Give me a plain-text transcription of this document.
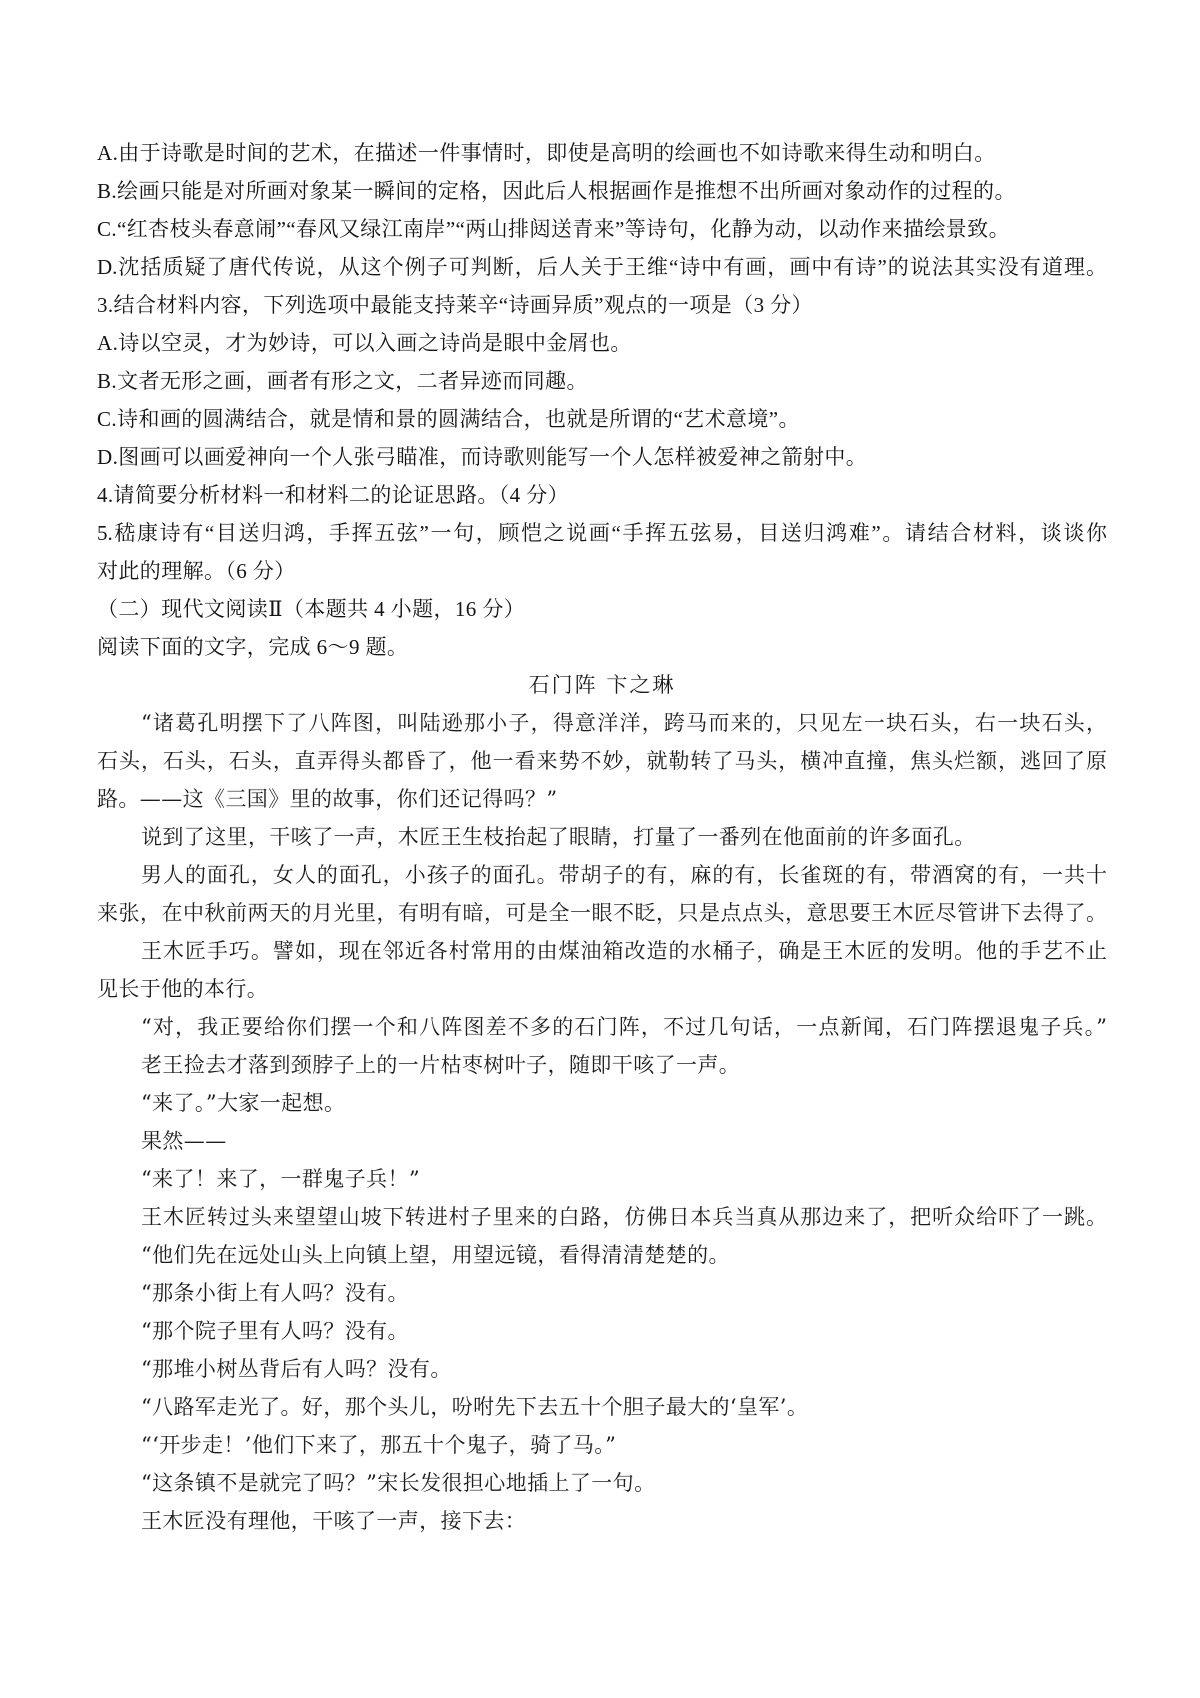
A.由于诗歌是时间的艺术，在描述一件事情时，即使是高明的绘画也不如诗歌来得生动和明白。
B.绘画只能是对所画对象某一瞬间的定格，因此后人根据画作是推想不出所画对象动作的过程的。
C.“红杏枝头春意闹”“春风又绿江南岸”“两山排闼送青来”等诗句，化静为动，以动作来描绘景致。
D.沈括质疑了唐代传说，从这个例子可判断，后人关于王维“诗中有画，画中有诗”的说法其实没有道理。
3.结合材料内容，下列选项中最能支持莱辛“诗画异质”观点的一项是（3 分）
A.诗以空灵，才为妙诗，可以入画之诗尚是眼中金屑也。
B.文者无形之画，画者有形之文，二者异迹而同趣。
C.诗和画的圆满结合，就是情和景的圆满结合，也就是所谓的“艺术意境”。
D.图画可以画爱神向一个人张弓瞄准，而诗歌则能写一个人怎样被爱神之箭射中。
4.请简要分析材料一和材料二的论证思路。（4 分）
5.嵇康诗有“目送归鸿，手挥五弦”一句，顾恺之说画“手挥五弦易，目送归鸿难”。请结合材料，谈谈你
对此的理解。（6 分）
（二）现代文阅读Ⅱ（本题共 4 小题，16 分）
阅读下面的文字，完成 6～9 题。
石门阵 卞之琳
“诸葛孔明摆下了八阵图，叫陆逊那小子，得意洋洋，跨马而来的，只见左一块石头，右一块石头，
石头，石头，石头，直弄得头都昏了，他一看来势不妙，就勒转了马头，横冲直撞，焦头烂额，逃回了原
路。——这《三国》里的故事，你们还记得吗？”
说到了这里，干咳了一声，木匠王生枝抬起了眼睛，打量了一番列在他面前的许多面孔。
男人的面孔，女人的面孔，小孩子的面孔。带胡子的有，麻的有，长雀斑的有，带酒窝的有，一共十
来张，在中秋前两天的月光里，有明有暗，可是全一眼不眨，只是点点头，意思要王木匠尽管讲下去得了。
王木匠手巧。譬如，现在邻近各村常用的由煤油箱改造的水桶子，确是王木匠的发明。他的手艺不止
见长于他的本行。
“对，我正要给你们摆一个和八阵图差不多的石门阵，不过几句话，一点新闻，石门阵摆退鬼子兵。”
老王捡去才落到颈脖子上的一片枯枣树叶子，随即干咳了一声。
“来了。”大家一起想。
果然——
“来了！来了，一群鬼子兵！”
王木匠转过头来望望山坡下转进村子里来的白路，仿佛日本兵当真从那边来了，把听众给吓了一跳。
“他们先在远处山头上向镇上望，用望远镜，看得清清楚楚的。
“那条小街上有人吗？没有。
“那个院子里有人吗？没有。
“那堆小树丛背后有人吗？没有。
“八路军走光了。好，那个头儿，吩咐先下去五十个胆子最大的‘皇军’。
“‘开步走！’他们下来了，那五十个鬼子，骑了马。”
“这条镇不是就完了吗？”宋长发很担心地插上了一句。
王木匠没有理他，干咳了一声，接下去：
